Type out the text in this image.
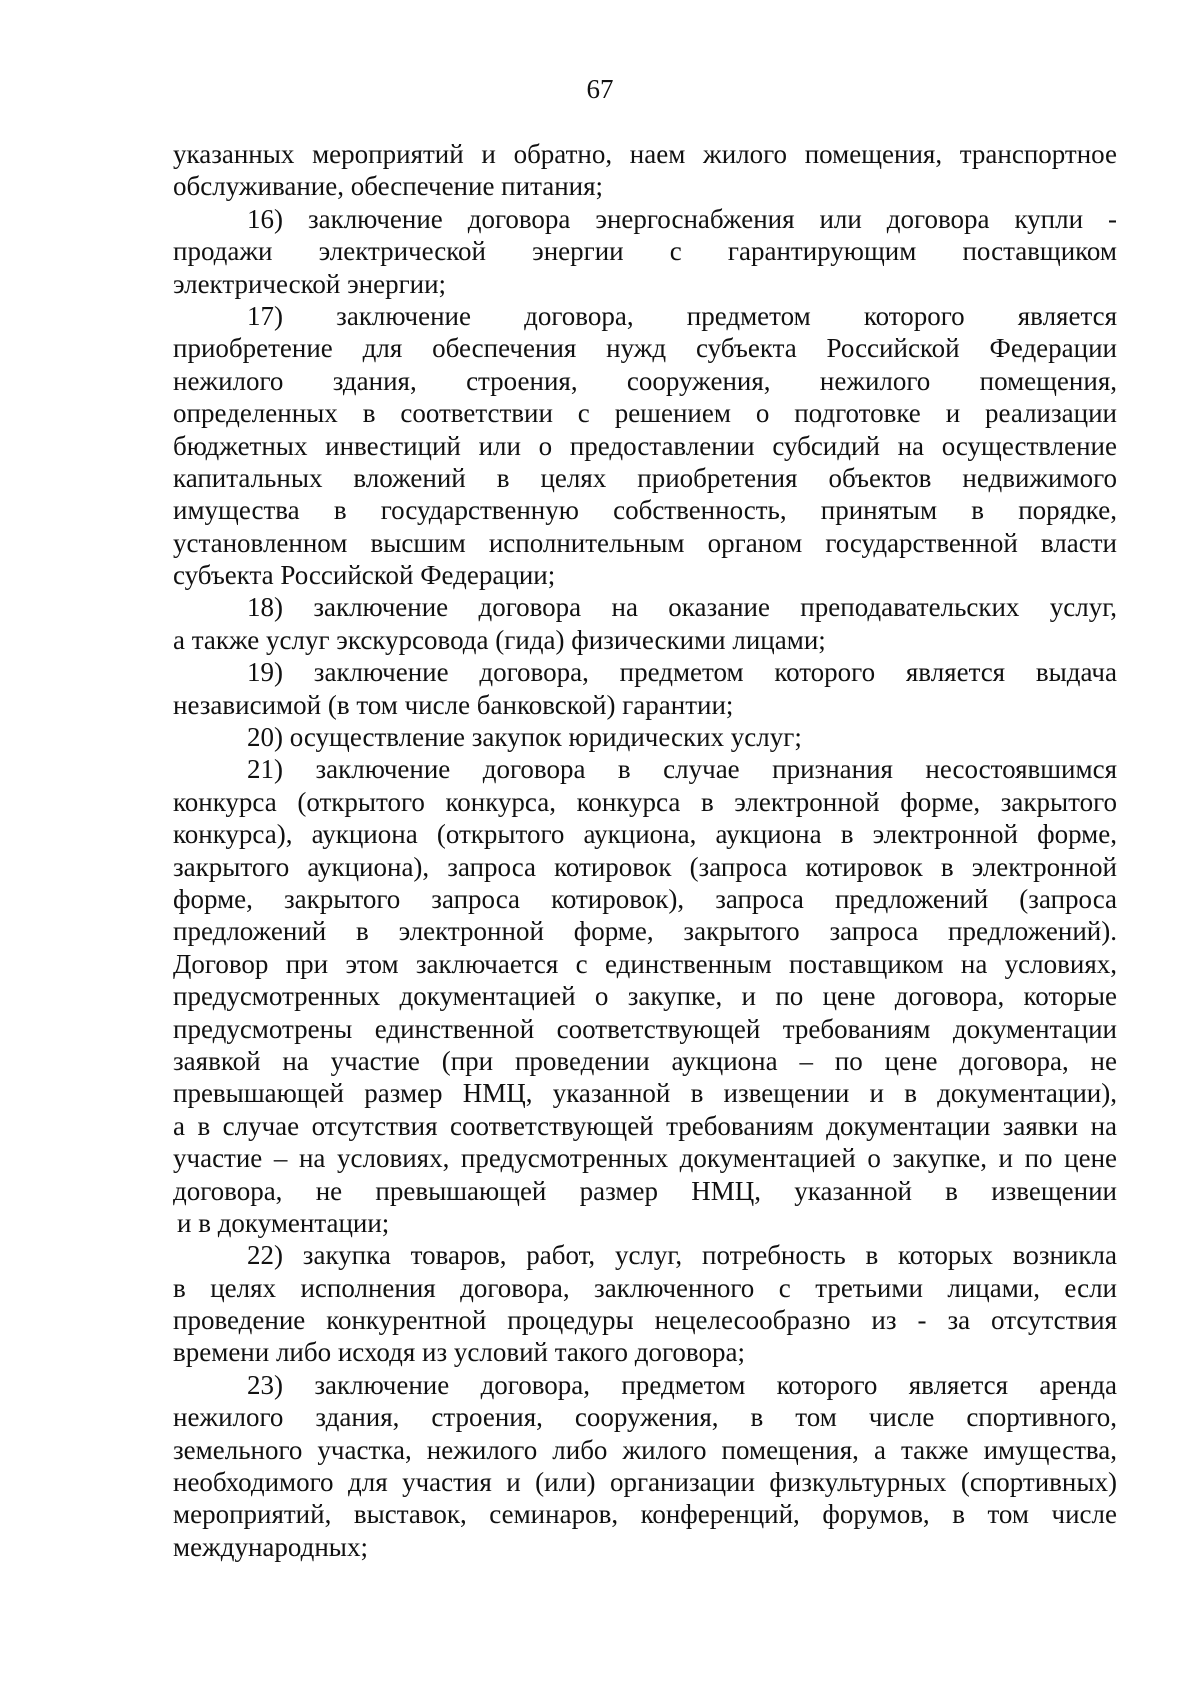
67
указанных мероприятий и обратно, наем жилого помещения, транспортное
обслуживание, обеспечение питания;
16) заключение договора энергоснабжения или договора купли -
продажи электрической энергии с гарантирующим поставщиком
электрической энергии;
17) заключение договора, предметом которого является
приобретение для обеспечения нужд субъекта Российской Федерации
нежилого здания, строения, сооружения, нежилого помещения,
определенных в соответствии с решением о подготовке и реализации
бюджетных инвестиций или о предоставлении субсидий на осуществление
капитальных вложений в целях приобретения объектов недвижимого
имущества в государственную собственность, принятым в порядке,
установленном высшим исполнительным органом государственной власти
субъекта Российской Федерации;
18) заключение договора на оказание преподавательских услуг,
а также услуг экскурсовода (гида) физическими лицами;
19) заключение договора, предметом которого является выдача
независимой (в том числе банковской) гарантии;
20) осуществление закупок юридических услуг;
21) заключение договора в случае признания несостоявшимся
конкурса (открытого конкурса, конкурса в электронной форме, закрытого
конкурса), аукциона (открытого аукциона, аукциона в электронной форме,
закрытого аукциона), запроса котировок (запроса котировок в электронной
форме, закрытого запроса котировок), запроса предложений (запроса
предложений в электронной форме, закрытого запроса предложений).
Договор при этом заключается с единственным поставщиком на условиях,
предусмотренных документацией о закупке, и по цене договора, которые
предусмотрены единственной соответствующей требованиям документации
заявкой на участие (при проведении аукциона – по цене договора, не
превышающей размер НМЦ, указанной в извещении и в документации),
а в случае отсутствия соответствующей требованиям документации заявки на
участие – на условиях, предусмотренных документацией о закупке, и по цене
договора, не превышающей размер НМЦ, указанной в извещении
и в документации;
22) закупка товаров, работ, услуг, потребность в которых возникла
в целях исполнения договора, заключенного с третьими лицами, если
проведение конкурентной процедуры нецелесообразно из - за отсутствия
времени либо исходя из условий такого договора;
23) заключение договора, предметом которого является аренда
нежилого здания, строения, сооружения, в том числе спортивного,
земельного участка, нежилого либо жилого помещения, а также имущества,
необходимого для участия и (или) организации физкультурных (спортивных)
мероприятий, выставок, семинаров, конференций, форумов, в том числе
международных;
